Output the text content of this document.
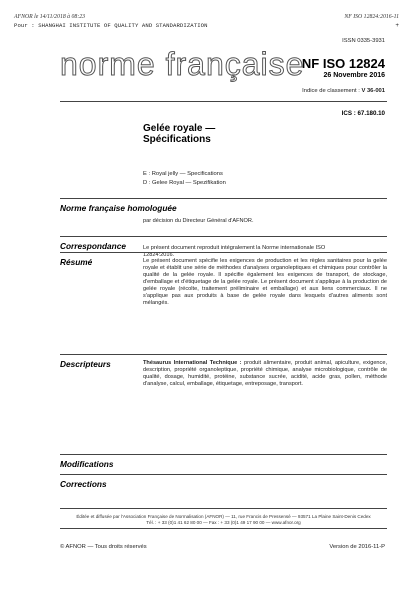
AFNOR le 14/11/2018 à 08:23	NF ISO 12824:2016-11
Pour : SHANGHAI INSTITUTE OF QUALITY AND STANDARDIZATION	+
ISSN 0335-3931
norme française
NF ISO 12824
26 Novembre 2016
Indice de classement : V 36-001
ICS : 67.180.10
Gelée royale —
Spécifications
E : Royal jelly — Specifications
D : Gelee Royal — Spezifikation
Norme française homologuée
par décision du Directeur Général d'AFNOR.
Correspondance	Le présent document reproduit intégralement la Norme internationale ISO 12824:2016.
Résumé	Le présent document spécifie les exigences de production et les règles sanitaires pour la gelée royale et établit une série de méthodes d'analyses organoleptiques et chimiques pour contrôler la qualité de la gelée royale. Il spécifie également les exigences de transport, de stockage, d'emballage et d'étiquetage de la gelée royale. Le présent document s'applique à la production de gelée royale (récolte, traitement préliminaire et emballage) et aux liens commerciaux. Il ne s'applique pas aux produits à base de gelée royale dans lesquels d'autres aliments sont mélangés.
Descripteurs	Thésaurus International Technique : produit alimentaire, produit animal, apiculture, exigence, description, propriété organoleptique, propriété chimique, analyse microbiologique, contrôle de qualité, dosage, humidité, protéine, substance sucrée, acidité, acide gras, pollen, méthode d'analyse, calcul, emballage, étiquetage, entreposage, transport.
Modifications
Corrections
Éditée et diffusée par l'Association Française de Normalisation (AFNOR) — 11, rue Francis de Pressensé — 93571 La Plaine Saint-Denis Cedex
Tél. : + 33 (0)1 41 62 80 00 — Fax : + 33 (0)1 49 17 90 00 — www.afnor.org
© AFNOR — Tous droits réservés	Version de 2016-11-P
